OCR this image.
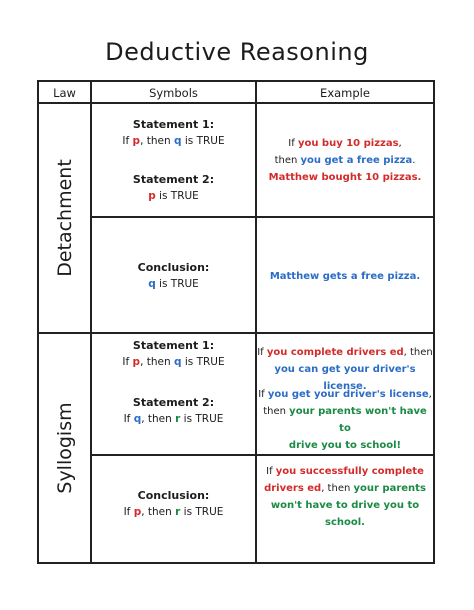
Deductive Reasoning
Law	Symbols	Example
Detachment
Statement 1:
If p, then q is TRUE
Statement 2:
p is TRUE
Conclusion:
q is TRUE
If you buy 10 pizzas,
then you get a free pizza.
Matthew bought 10 pizzas.
Matthew gets a free pizza.
Syllogism
Statement 1:
If p, then q is TRUE
Statement 2:
If q, then r is TRUE
Conclusion:
If p, then r is TRUE
If you complete drivers ed, then
you can get your driver's license.
If you get your driver's license,
then your parents won't have to
drive you to school!
If you successfully complete
drivers ed, then your parents
won't have to drive you to school.
